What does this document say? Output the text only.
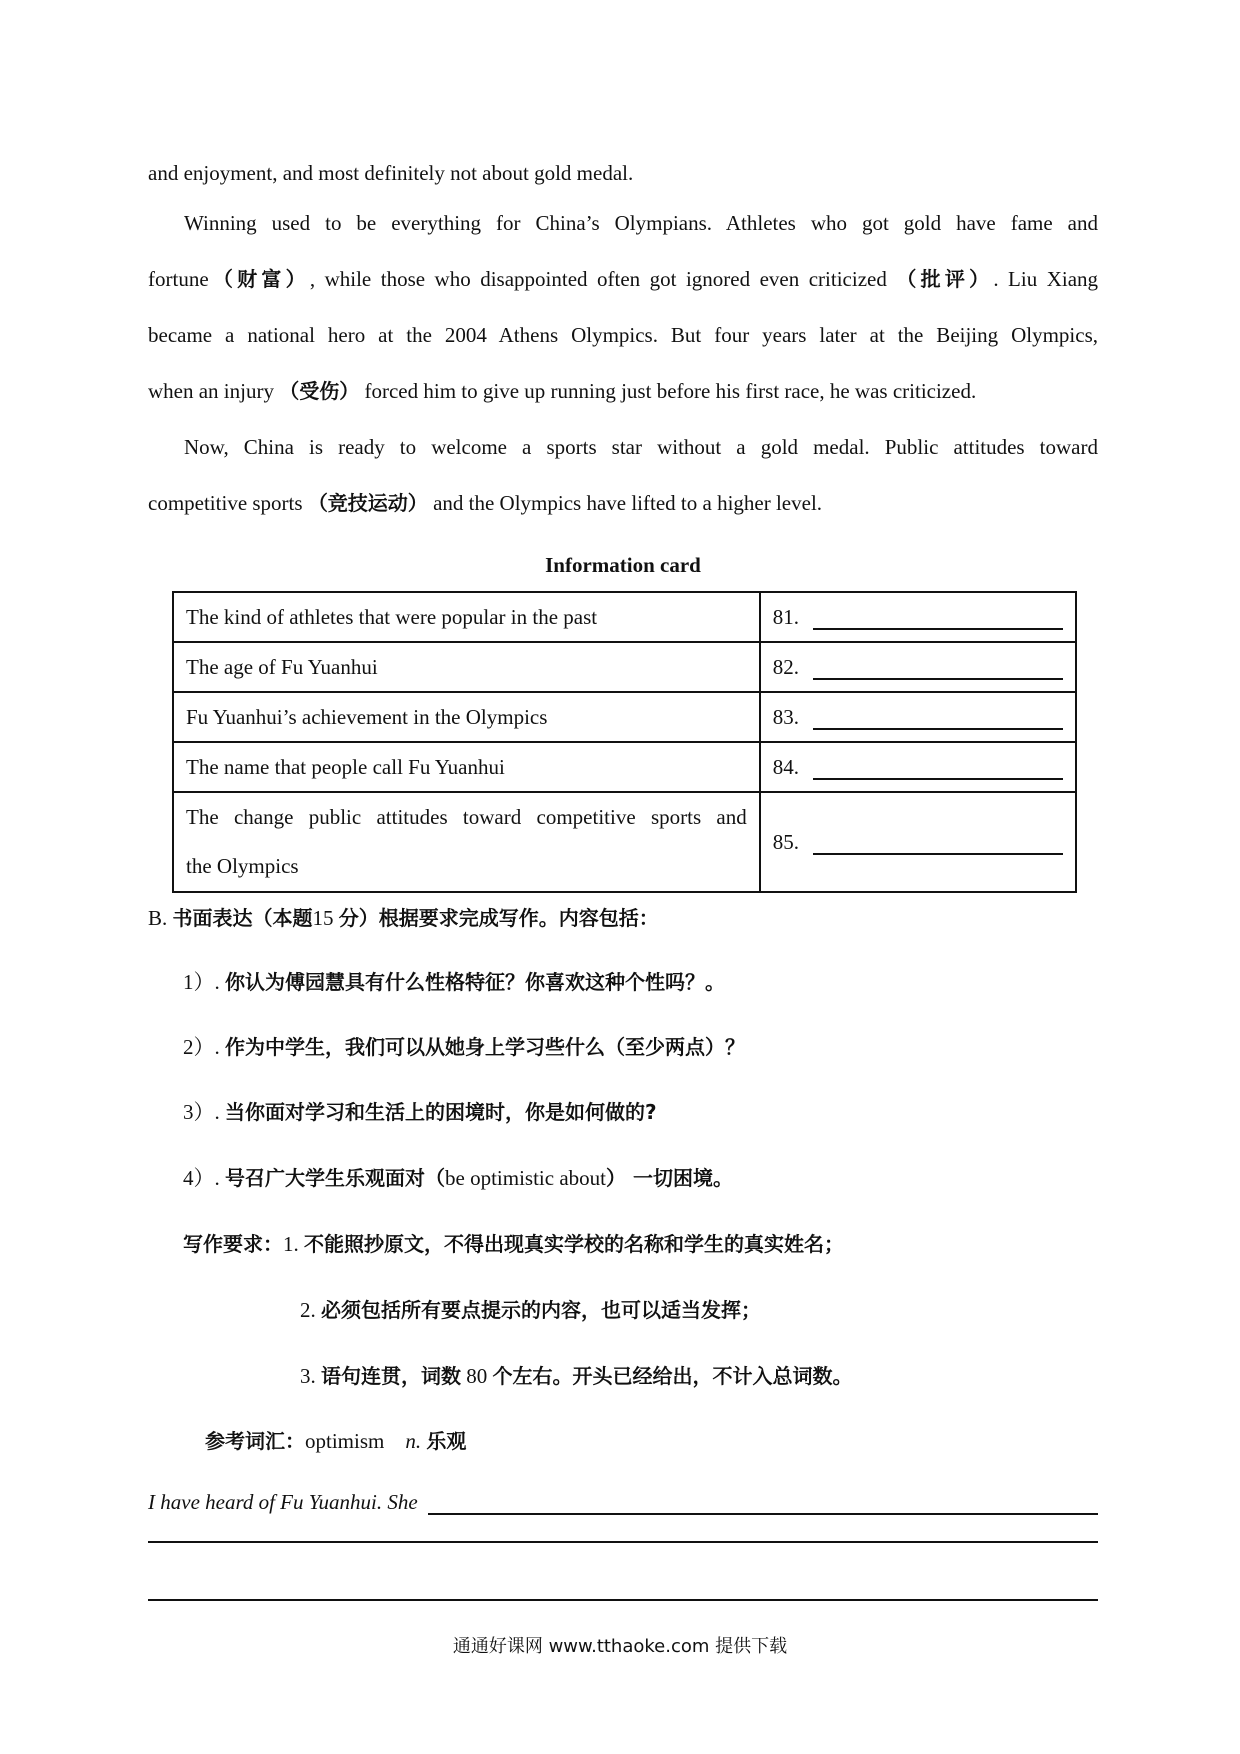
and enjoyment, and most definitely not about gold medal.
Winning used to be everything for China’s Olympians. Athletes who got gold have fame and
fortune（财富）, while those who disappointed often got ignored even criticized （批评）. Liu Xiang
became a national hero at the 2004 Athens Olympics. But four years later at the Beijing Olympics,
when an injury （受伤） forced him to give up running just before his first race, he was criticized.
Now, China is ready to welcome a sports star without a gold medal. Public attitudes toward
competitive sports （竞技运动） and the Olympics have lifted to a higher level.
Information card
The kind of athletes that were popular in the past	81.

The age of Fu Yuanhui	82.

Fu Yuanhui’s achievement in the Olympics	83.

The name that people call Fu Yuanhui	84.

The change public attitudes toward competitive sports and
the Olympics	85.
B. 书面表达（本题15 分）根据要求完成写作。内容包括：
1）. 你认为傅园慧具有什么性格特征？你喜欢这种个性吗？。
2）. 作为中学生，我们可以从她身上学习些什么（至少两点）？
3）. 当你面对学习和生活上的困境时，你是如何做的?
4）. 号召广大学生乐观面对（be optimistic about） 一切困境。
写作要求：1. 不能照抄原文，不得出现真实学校的名称和学生的真实姓名；
2. 必须包括所有要点提示的内容，也可以适当发挥；
3. 语句连贯，词数 80 个左右。开头已经给出，不计入总词数。
参考词汇：optimism n. 乐观
I have heard of Fu Yuanhui. She
通通好课网 www.tthaoke.com 提供下载
